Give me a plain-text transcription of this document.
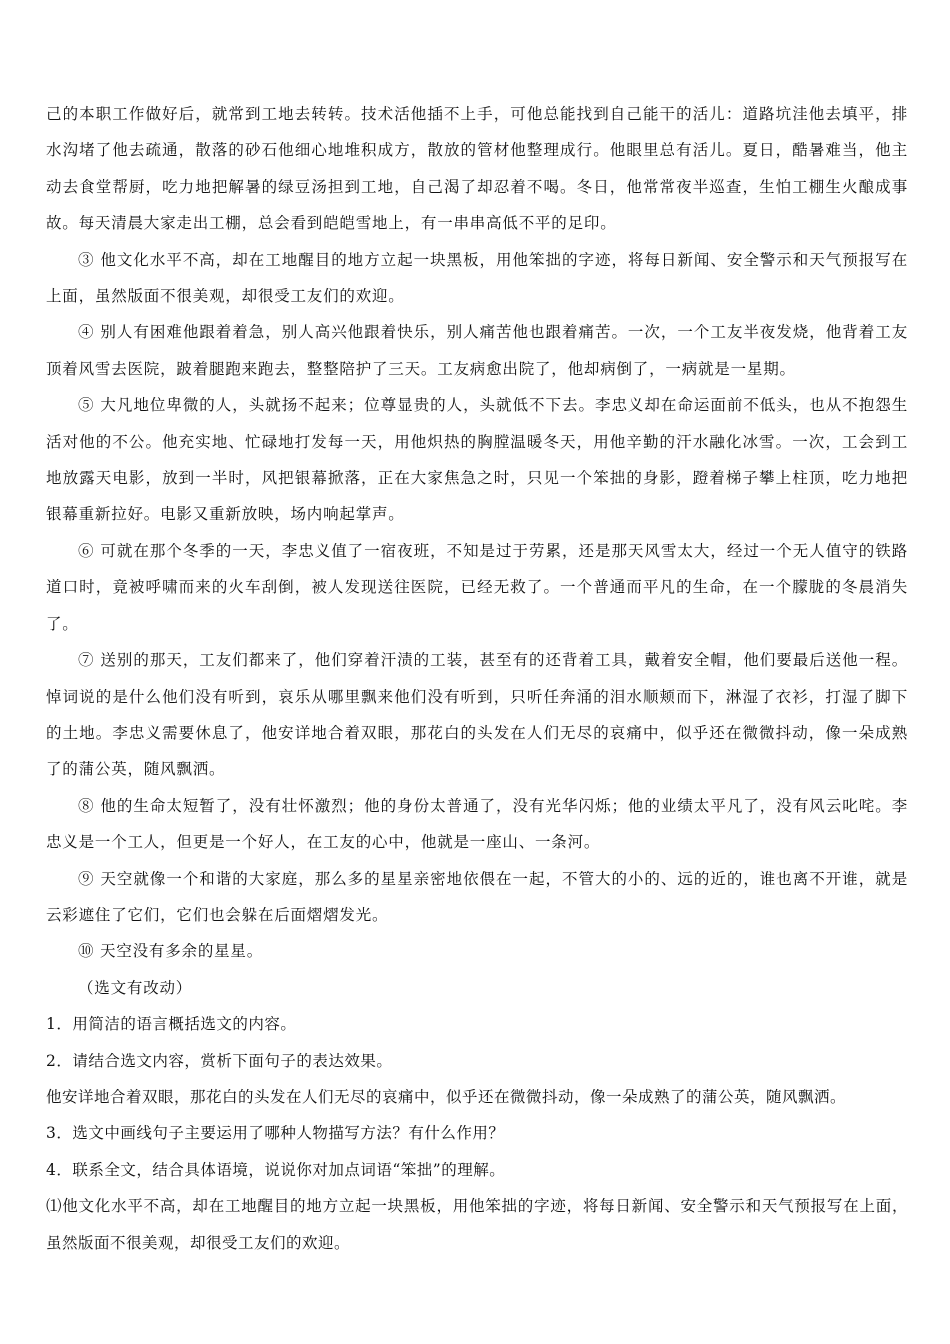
己的本职工作做好后，就常到工地去转转。技术活他插不上手，可他总能找到自己能干的活儿：道路坑洼他去填平，排水沟堵了他去疏通，散落的砂石他细心地堆积成方，散放的管材他整理成行。他眼里总有活儿。夏日，酷暑难当，他主动去食堂帮厨，吃力地把解暑的绿豆汤担到工地，自己渴了却忍着不喝。冬日，他常常夜半巡查，生怕工棚生火酿成事故。每天清晨大家走出工棚，总会看到皑皑雪地上，有一串串高低不平的足印。

③ 他文化水平不高，却在工地醒目的地方立起一块黑板，用他笨拙的字迹，将每日新闻、安全警示和天气预报写在上面，虽然版面不很美观，却很受工友们的欢迎。

④ 别人有困难他跟着着急，别人高兴他跟着快乐，别人痛苦他也跟着痛苦。一次，一个工友半夜发烧，他背着工友顶着风雪去医院，跛着腿跑来跑去，整整陪护了三天。工友病愈出院了，他却病倒了，一病就是一星期。

⑤ 大凡地位卑微的人，头就扬不起来；位尊显贵的人，头就低不下去。李忠义却在命运面前不低头，也从不抱怨生活对他的不公。他充实地、忙碌地打发每一天，用他炽热的胸膛温暖冬天，用他辛勤的汗水融化冰雪。一次，工会到工地放露天电影，放到一半时，风把银幕掀落，正在大家焦急之时，只见一个笨拙的身影，蹬着梯子攀上柱顶，吃力地把银幕重新拉好。电影又重新放映，场内响起掌声。

⑥ 可就在那个冬季的一天，李忠义值了一宿夜班，不知是过于劳累，还是那天风雪太大，经过一个无人值守的铁路道口时，竟被呼啸而来的火车刮倒，被人发现送往医院，已经无救了。一个普通而平凡的生命，在一个朦胧的冬晨消失了。

⑦ 送别的那天，工友们都来了，他们穿着汗渍的工装，甚至有的还背着工具，戴着安全帽，他们要最后送他一程。悼词说的是什么他们没有听到，哀乐从哪里飘来他们没有听到，只听任奔涌的泪水顺颊而下，淋湿了衣衫，打湿了脚下的土地。李忠义需要休息了，他安详地合着双眼，那花白的头发在人们无尽的哀痛中，似乎还在微微抖动，像一朵成熟了的蒲公英，随风飘洒。

⑧ 他的生命太短暂了，没有壮怀激烈；他的身份太普通了，没有光华闪烁；他的业绩太平凡了，没有风云叱咤。李忠义是一个工人，但更是一个好人，在工友的心中，他就是一座山、一条河。

⑨ 天空就像一个和谐的大家庭，那么多的星星亲密地依偎在一起，不管大的小的、远的近的，谁也离不开谁，就是云彩遮住了它们，它们也会躲在后面熠熠发光。

⑩ 天空没有多余的星星。

（选文有改动）

1．用简洁的语言概括选文的内容。

2．请结合选文内容，赏析下面句子的表达效果。

他安详地合着双眼，那花白的头发在人们无尽的哀痛中，似乎还在微微抖动，像一朵成熟了的蒲公英，随风飘洒。

3．选文中画线句子主要运用了哪种人物描写方法？有什么作用？

4．联系全文，结合具体语境，说说你对加点词语“笨拙”的理解。

⑴他文化水平不高，却在工地醒目的地方立起一块黑板，用他笨拙的字迹，将每日新闻、安全警示和天气预报写在上面，虽然版面不很美观，却很受工友们的欢迎。
